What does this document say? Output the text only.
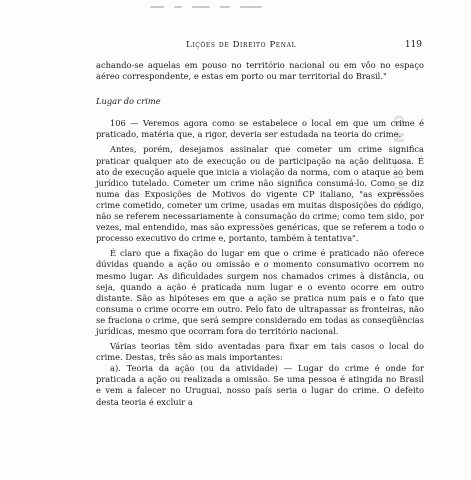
Lições de Direito Penal	119
ON-LINE

achando-se aquelas em pouso no território nacional ou em vôo no espaço aéreo correspondente, e estas em porto ou mar territorial do Brasil."

Lugar do crime

106 — Veremos agora como se estabelece o local em que um crime é praticado, matéria que, a rigor, deveria ser estudada na teoria do crime.

Antes, porém, desejamos assinalar que cometer um crime significa praticar qualquer ato de execução ou de participação na ação delituosa. É ato de execução aquele que inicia a violação da norma, com o ataque ao bem jurídico tutelado. Cometer um crime não significa consumá-lo. Como se diz numa das Exposições de Motivos do vigente CP italiano, "as expressões crime cometido, cometer um crime, usadas em muitas disposições do código, não se referem necessariamente à consumação do crime; como tem sido, por vezes, mal entendido, mas são expressões genéricas, que se referem a todo o processo executivo do crime e, portanto, também à tentativa".

É claro que a fixação do lugar em que o crime é praticado não oferece dúvidas quando a ação ou omissão e o momento consumativo ocorrem no mesmo lugar. As dificuldades surgem nos chamados crimes à distância, ou seja, quando a ação é praticada num lugar e o evento ocorre em outro distante. São as hipóteses em que a ação se pratica num país e o fato que consuma o crime ocorre em outro. Pelo fato de ultrapassar as fronteiras, não se fraciona o crime, que será sempre considerado em todas as conseqüências jurídicas, mesmo que ocorram fora do território nacional.

Várias teorias têm sido aventadas para fixar em tais casos o local do crime. Destas, três são as mais importantes:

a). Teoria da ação (ou da atividade) — Lugar do crime é onde for praticada a ação ou realizada a omissão. Se uma pessoa é atingida no Brasil e vem a falecer no Uruguai, nosso país seria o lugar do crime. O defeito desta teoria é excluir a
